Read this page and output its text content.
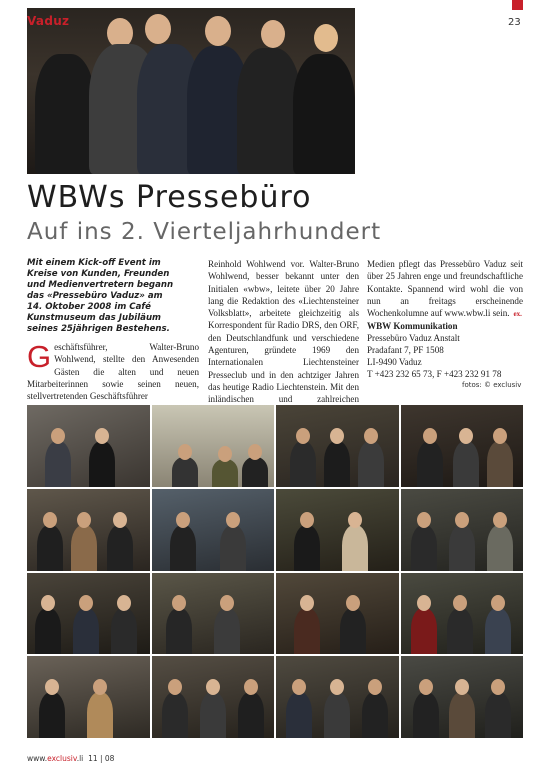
Vaduz	23
WBWs Pressebüro
Auf ins 2. Vierteljahrhundert
Mit einem Kick-off Event im Kreise von Kunden, Freunden und Medienvertretern begann das «Pressebüro Vaduz» am 14. Oktober 2008 im Café Kunstmuseum das Jubiläum seines 25jährigen Bestehens.
Geschäftsführer, Walter-Bruno Wohlwend, stellte den Anwesenden Gästen die alten und neuen Mitarbeiterinnen sowie seinen neuen, stellvertretenden Geschäftsführer
Reinhold Wohlwend vor. Walter-Bruno Wohlwend, besser bekannt unter den Initialen «wbw», leitete über 20 Jahre lang die Redaktion des «Liechtensteiner Volksblatt», arbeitete gleichzeitig als Korrespondent für Radio DRS, den ORF, den Deutschlandfunk und verschiedene Agenturen, gründete 1969 den Internationalen Liechtensteiner Presseclub und in den achtziger Jahren das heutige Radio Liechtenstein. Mit den inländischen und zahlreichen
Medien pflegt das Pressebüro Vaduz seit über 25 Jahren enge und freundschaftliche Kontakte. Spannend wird wohl die von nun an freitags erscheinende Wochenkolumne auf www.wbw.li sein. ex.
WBW Kommunikation
Pressebüro Vaduz Anstalt
Pradafant 7, PF 1508
LI-9490 Vaduz
T +423 232 65 73, F +423 232 91 78
fotos: © exclusiv
www.exclusiv.li 11 | 08
